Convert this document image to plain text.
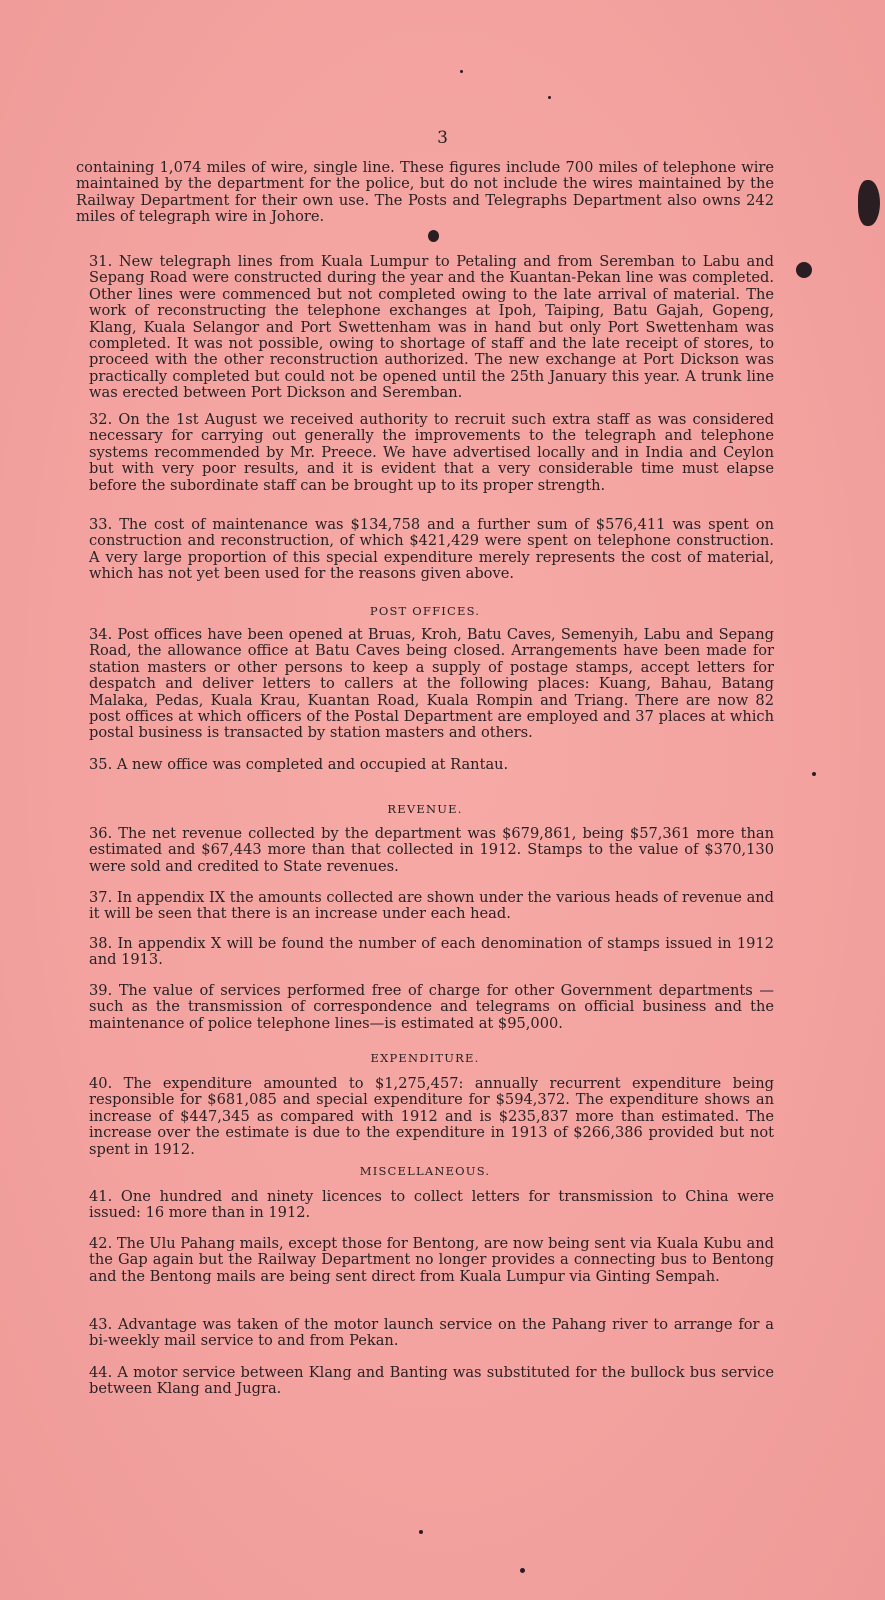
3

containing 1,074 miles of wire, single line. These figures include 700 miles of telephone wire maintained by the department for the police, but do not include the wires maintained by the Railway Department for their own use. The Posts and Telegraphs Department also owns 242 miles of telegraph wire in Johore.

31. New telegraph lines from Kuala Lumpur to Petaling and from Seremban to Labu and Sepang Road were constructed during the year and the Kuantan-Pekan line was completed. Other lines were commenced but not completed owing to the late arrival of material. The work of reconstructing the telephone exchanges at Ipoh, Taiping, Batu Gajah, Gopeng, Klang, Kuala Selangor and Port Swettenham was in hand but only Port Swettenham was completed. It was not possible, owing to shortage of staff and the late receipt of stores, to proceed with the other reconstruction authorized. The new exchange at Port Dickson was practically completed but could not be opened until the 25th January this year. A trunk line was erected between Port Dickson and Seremban.

32. On the 1st August we received authority to recruit such extra staff as was considered necessary for carrying out generally the improvements to the telegraph and telephone systems recommended by Mr. Preece. We have advertised locally and in India and Ceylon but with very poor results, and it is evident that a very considerable time must elapse before the subordinate staff can be brought up to its proper strength.

33. The cost of maintenance was $134,758 and a further sum of $576,411 was spent on construction and reconstruction, of which $421,429 were spent on telephone construction. A very large proportion of this special expenditure merely represents the cost of material, which has not yet been used for the reasons given above.

POST OFFICES.

34. Post offices have been opened at Bruas, Kroh, Batu Caves, Semenyih, Labu and Sepang Road, the allowance office at Batu Caves being closed. Arrangements have been made for station masters or other persons to keep a supply of postage stamps, accept letters for despatch and deliver letters to callers at the following places: Kuang, Bahau, Batang Malaka, Pedas, Kuala Krau, Kuantan Road, Kuala Rompin and Triang. There are now 82 post offices at which officers of the Postal Department are employed and 37 places at which postal business is transacted by station masters and others.

35. A new office was completed and occupied at Rantau.

REVENUE.

36. The net revenue collected by the department was $679,861, being $57,361 more than estimated and $67,443 more than that collected in 1912. Stamps to the value of $370,130 were sold and credited to State revenues.

37. In appendix IX the amounts collected are shown under the various heads of revenue and it will be seen that there is an increase under each head.

38. In appendix X will be found the number of each denomination of stamps issued in 1912 and 1913.

39. The value of services performed free of charge for other Government departments —such as the transmission of correspondence and telegrams on official business and the maintenance of police telephone lines—is estimated at $95,000.

EXPENDITURE.

40. The expenditure amounted to $1,275,457: annually recurrent expenditure being responsible for $681,085 and special expenditure for $594,372. The expenditure shows an increase of $447,345 as compared with 1912 and is $235,837 more than estimated. The increase over the estimate is due to the expenditure in 1913 of $266,386 provided but not spent in 1912.

MISCELLANEOUS.

41. One hundred and ninety licences to collect letters for transmission to China were issued: 16 more than in 1912.

42. The Ulu Pahang mails, except those for Bentong, are now being sent via Kuala Kubu and the Gap again but the Railway Department no longer provides a connecting bus to Bentong and the Bentong mails are being sent direct from Kuala Lumpur via Ginting Sempah.

43. Advantage was taken of the motor launch service on the Pahang river to arrange for a bi-weekly mail service to and from Pekan.

44. A motor service between Klang and Banting was substituted for the bullock bus service between Klang and Jugra.
